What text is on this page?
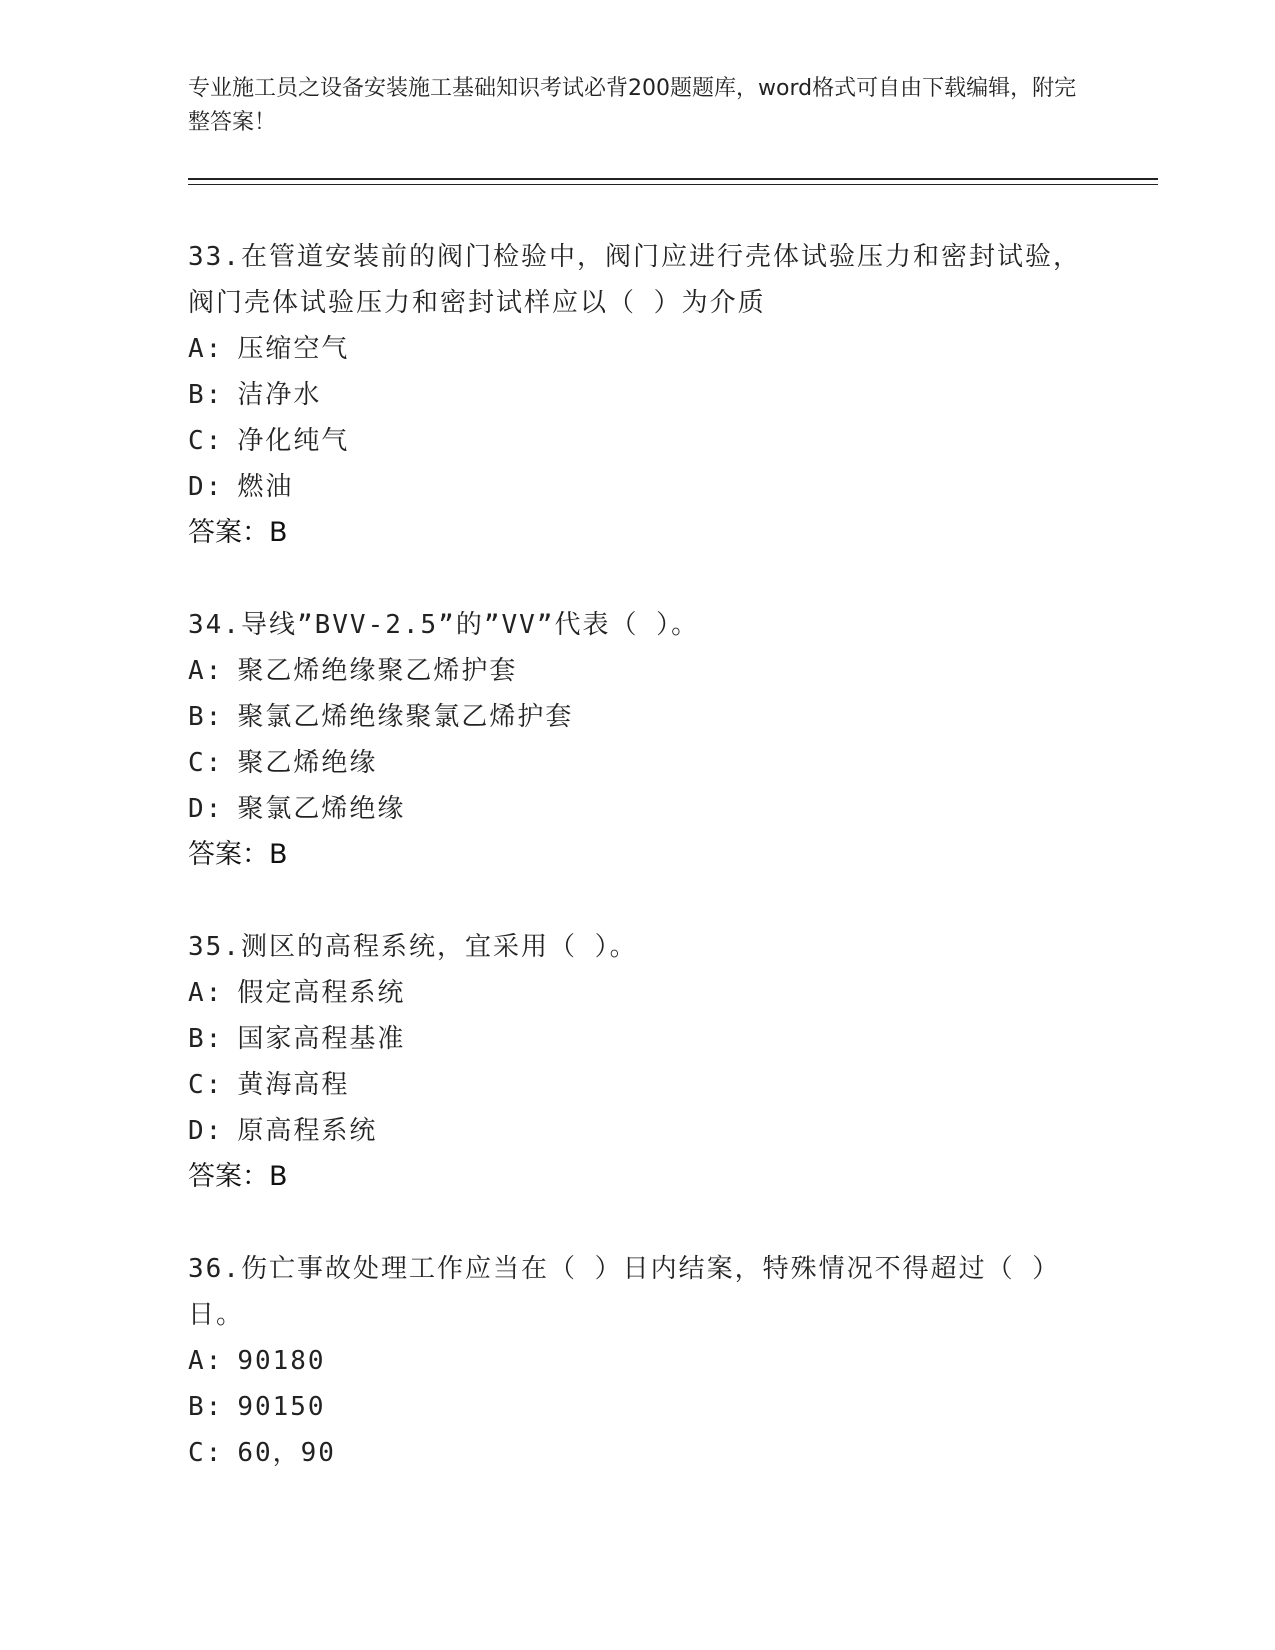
专业施工员之设备安装施工基础知识考试必背200题题库，word格式可自由下载编辑，附完整答案！
33.在管道安装前的阀门检验中，阀门应进行壳体试验压力和密封试验，阀门壳体试验压力和密封试样应以（ ）为介质
A: 压缩空气
B: 洁净水
C: 净化纯气
D: 燃油
答案：B
34.导线”BVV-2.5”的”VV”代表（ ）。
A: 聚乙烯绝缘聚乙烯护套
B: 聚氯乙烯绝缘聚氯乙烯护套
C: 聚乙烯绝缘
D: 聚氯乙烯绝缘
答案：B
35.测区的高程系统，宜采用（ ）。
A: 假定高程系统
B: 国家高程基准
C: 黄海高程
D: 原高程系统
答案：B
36.伤亡事故处理工作应当在（ ）日内结案，特殊情况不得超过（ ）日。
A: 90180
B: 90150
C: 60，90
